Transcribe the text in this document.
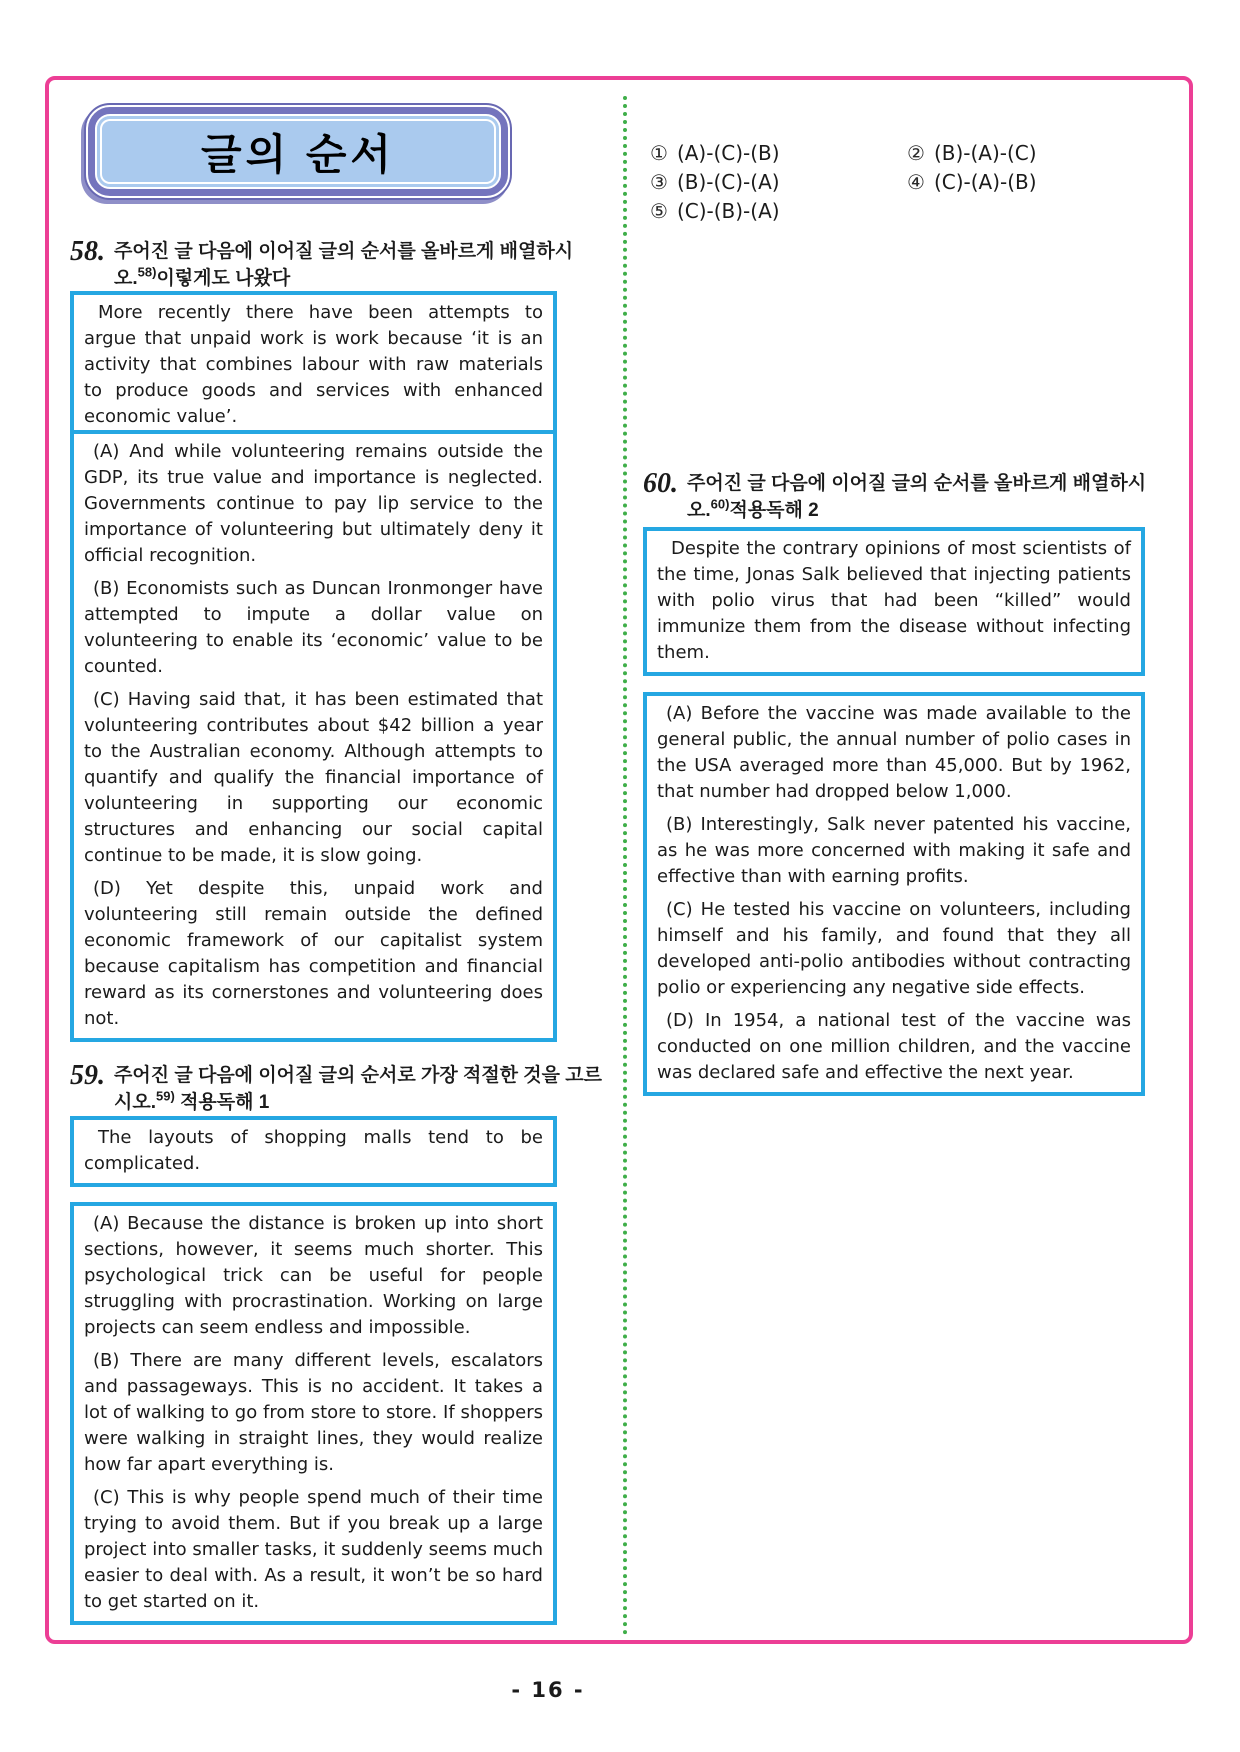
글의 순서
58. 주어진 글 다음에 이어질 글의 순서를 올바르게 배열하시오.$^{58)}$이렇게도 나왔다

More recently there have been attempts to argue that unpaid work is work because ‘it is an activity that combines labour with raw materials to produce goods and services with enhanced economic value’.

(A) And while volunteering remains outside the GDP, its true value and importance is neglected. Governments continue to pay lip service to the importance of volunteering but ultimately deny it official recognition.

(B) Economists such as Duncan Ironmonger have attempted to impute a dollar value on volunteering to enable its ‘economic’ value to be counted.

(C) Having said that, it has been estimated that volunteering contributes about $42 billion a year to the Australian economy. Although attempts to quantify and qualify the financial importance of volunteering in supporting our economic structures and enhancing our social capital continue to be made, it is slow going.

(D) Yet despite this, unpaid work and volunteering still remain outside the defined economic framework of our capitalist system because capitalism has competition and financial reward as its cornerstones and volunteering does not.

59. 주어진 글 다음에 이어질 글의 순서로 가장 적절한 것을 고르시오.$^{59)}$ 적용독해 1

The layouts of shopping malls tend to be complicated.

(A) Because the distance is broken up into short sections, however, it seems much shorter. This psychological trick can be useful for people struggling with procrastination. Working on large projects can seem endless and impossible.

(B) There are many different levels, escalators and passageways. This is no accident. It takes a lot of walking to go from store to store. If shoppers were walking in straight lines, they would realize how far apart everything is.

(C) This is why people spend much of their time trying to avoid them. But if you break up a large project into smaller tasks, it suddenly seems much easier to deal with. As a result, it won’t be so hard to get started on it.

① (A)-(C)-(B)	② (B)-(A)-(C)
③ (B)-(C)-(A)	④ (C)-(A)-(B)
⑤ (C)-(B)-(A)
60. 주어진 글 다음에 이어질 글의 순서를 올바르게 배열하시오.$^{60)}$적용독해 2

Despite the contrary opinions of most scientists of the time, Jonas Salk believed that injecting patients with polio virus that had been “killed” would immunize them from the disease without infecting them.

(A) Before the vaccine was made available to the general public, the annual number of polio cases in the USA averaged more than 45,000. But by 1962, that number had dropped below 1,000.

(B) Interestingly, Salk never patented his vaccine, as he was more concerned with making it safe and effective than with earning profits.

(C) He tested his vaccine on volunteers, including himself and his family, and found that they all developed anti-polio antibodies without contracting polio or experiencing any negative side effects.

(D) In 1954, a national test of the vaccine was conducted on one million children, and the vaccine was declared safe and effective the next year.

- 16 -
